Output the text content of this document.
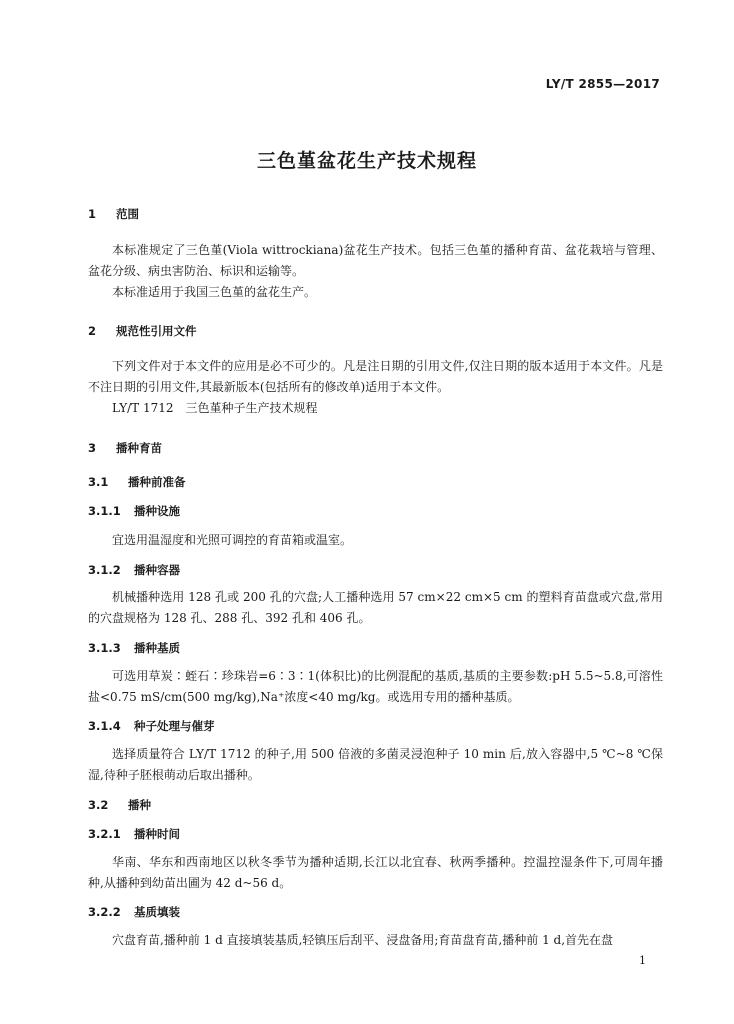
LY/T 2855—2017
三色堇盆花生产技术规程
1 范围
本标准规定了三色堇(Viola wittrockiana)盆花生产技术。包括三色堇的播种育苗、盆花栽培与管理、盆花分级、病虫害防治、标识和运输等。
本标准适用于我国三色堇的盆花生产。
2 规范性引用文件
下列文件对于本文件的应用是必不可少的。凡是注日期的引用文件,仅注日期的版本适用于本文件。凡是不注日期的引用文件,其最新版本(包括所有的修改单)适用于本文件。
LY/T 1712　三色堇种子生产技术规程
3 播种育苗
3.1 播种前准备
3.1.1 播种设施
宜选用温湿度和光照可调控的育苗箱或温室。
3.1.2 播种容器
机械播种选用 128 孔或 200 孔的穴盘;人工播种选用 57 cm×22 cm×5 cm 的塑料育苗盘或穴盘,常用的穴盘规格为 128 孔、288 孔、392 孔和 406 孔。
3.1.3 播种基质
可选用草炭∶蛭石∶珍珠岩=6∶3∶1(体积比)的比例混配的基质,基质的主要参数:pH 5.5~5.8,可溶性盐<0.75 mS/cm(500 mg/kg),Na⁺浓度<40 mg/kg。或选用专用的播种基质。
3.1.4 种子处理与催芽
选择质量符合 LY/T 1712 的种子,用 500 倍液的多菌灵浸泡种子 10 min 后,放入容器中,5 ℃~8 ℃保湿,待种子胚根萌动后取出播种。
3.2 播种
3.2.1 播种时间
华南、华东和西南地区以秋冬季节为播种适期,长江以北宜春、秋两季播种。控温控湿条件下,可周年播种,从播种到幼苗出圃为 42 d~56 d。
3.2.2 基质填装
穴盘育苗,播种前 1 d 直接填装基质,轻镇压后刮平、浸盘备用;育苗盘育苗,播种前 1 d,首先在盘
1
